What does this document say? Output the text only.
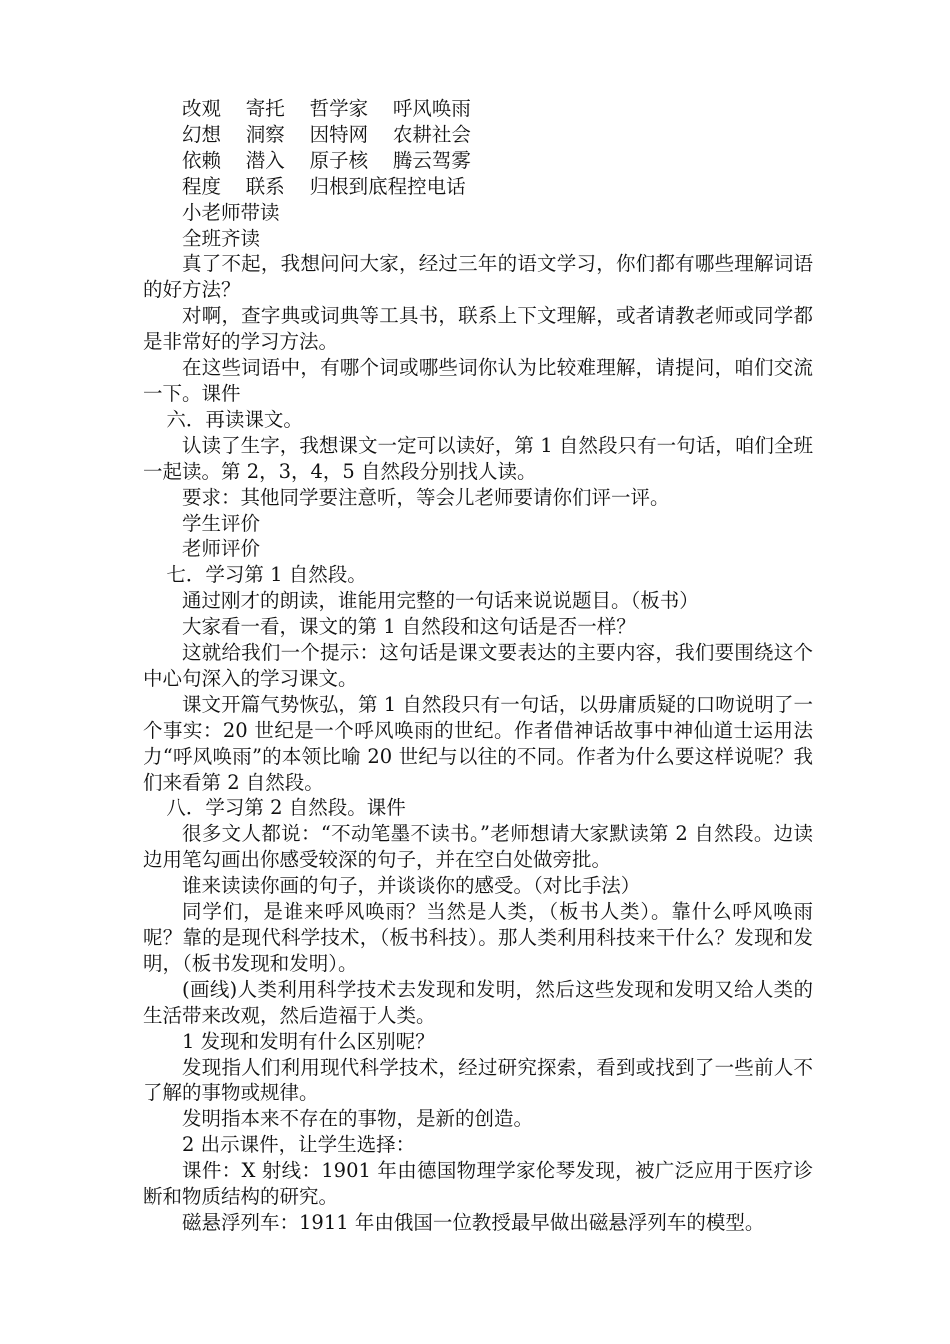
改观    寄托    哲学家    呼风唤雨

幻想    洞察    因特网    农耕社会

依赖    潜入    原子核    腾云驾雾

程度    联系    归根到底程控电话

小老师带读

全班齐读

真了不起，我想问问大家，经过三年的语文学习，你们都有哪些理解词语的好方法？

对啊，查字典或词典等工具书，联系上下文理解，或者请教老师或同学都是非常好的学习方法。

在这些词语中，有哪个词或哪些词你认为比较难理解，请提问，咱们交流一下。课件

六．再读课文。

认读了生字，我想课文一定可以读好，第 1 自然段只有一句话，咱们全班一起读。第 2，3，4，5 自然段分别找人读。

要求：其他同学要注意听，等会儿老师要请你们评一评。

学生评价

老师评价

七．学习第 1 自然段。

通过刚才的朗读，谁能用完整的一句话来说说题目。（板书）

大家看一看，课文的第 1 自然段和这句话是否一样？

这就给我们一个提示：这句话是课文要表达的主要内容，我们要围绕这个中心句深入的学习课文。

课文开篇气势恢弘，第 1 自然段只有一句话，以毋庸质疑的口吻说明了一个事实：20 世纪是一个呼风唤雨的世纪。作者借神话故事中神仙道士运用法力“呼风唤雨”的本领比喻 20 世纪与以往的不同。作者为什么要这样说呢？我们来看第 2 自然段。

八．学习第 2 自然段。课件

很多文人都说：“不动笔墨不读书。”老师想请大家默读第 2 自然段。边读边用笔勾画出你感受较深的句子，并在空白处做旁批。

谁来读读你画的句子，并谈谈你的感受。（对比手法）

同学们，是谁来呼风唤雨？当然是人类，（板书人类）。靠什么呼风唤雨呢？靠的是现代科学技术，（板书科技）。那人类利用科技来干什么？发现和发明，（板书发现和发明）。

(画线)人类利用科学技术去发现和发明，然后这些发现和发明又给人类的生活带来改观，然后造福于人类。

1 发现和发明有什么区别呢？

发现指人们利用现代科学技术，经过研究探索，看到或找到了一些前人不了解的事物或规律。

发明指本来不存在的事物，是新的创造。

2 出示课件，让学生选择：

课件：X 射线：1901 年由德国物理学家伦琴发现，被广泛应用于医疗诊断和物质结构的研究。

磁悬浮列车：1911 年由俄国一位教授最早做出磁悬浮列车的模型。
